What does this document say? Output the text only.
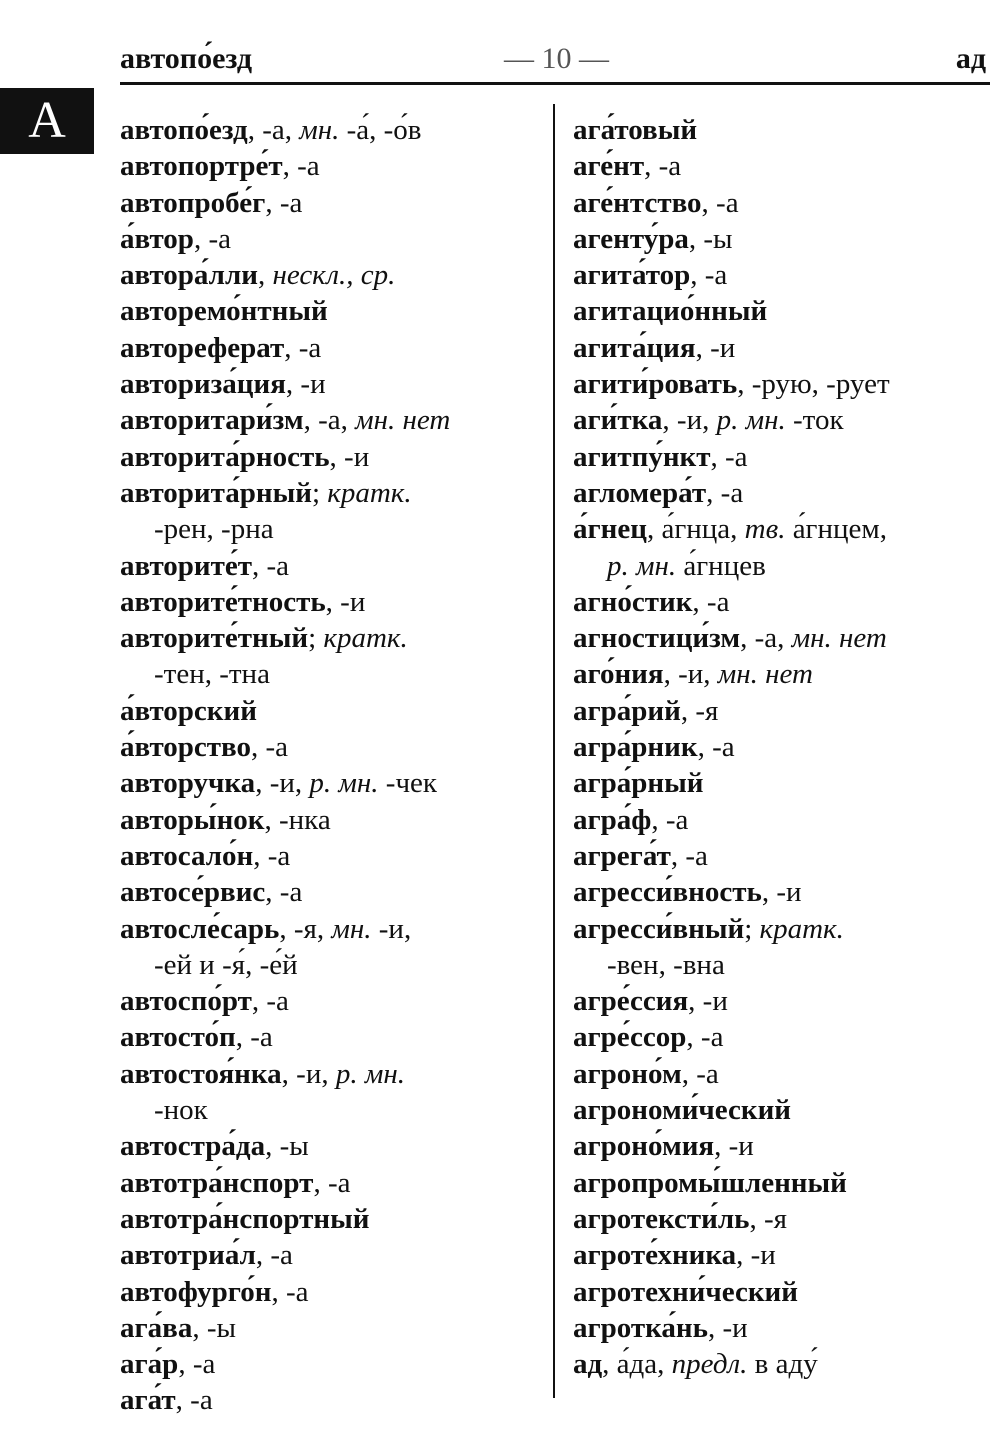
автопо́езд	— 10 —	ад
А	автопо́езд, -а, мн. -а́, -о́в
автопортре́т, -а
автопробе́г, -а
а́втор, -а
автора́лли, нескл., ср.
авторемо́нтный
автореферат, -а
авториза́ция, -и
авторитари́зм, -а, мн. нет
авторита́рность, -и
авторита́рный; кратк.
-рен, -рна
авторите́т, -а
авторите́тность, -и
авторите́тный; кратк.
-тен, -тна
а́вторский
а́вторство, -а
авторучка, -и, р. мн. -чек
авторы́нок, -нка
автосало́н, -а
автосе́рвис, -а
автосле́сарь, -я, мн. -и,
-ей и -я́, -е́й
автоспо́рт, -а
автосто́п, -а
автостоя́нка, -и, р. мн.
-нок
автостра́да, -ы
автотра́нспорт, -а
автотра́нспортный
автотриа́л, -а
автофурго́н, -а
ага́ва, -ы
ага́р, -а
ага́т, -а
ага́товый
аге́нт, -а
аге́нтство, -а
агенту́ра, -ы
агита́тор, -а
агитацио́нный
агита́ция, -и
агити́ровать, -рую, -рует
аги́тка, -и, р. мн. -ток
агитпу́нкт, -а
агломера́т, -а
а́гнец, а́гнца, тв. а́гнцем,
р. мн. а́гнцев
агно́стик, -а
агностици́зм, -а, мн. нет
аго́ния, -и, мн. нет
агра́рий, -я
агра́рник, -а
агра́рный
агра́ф, -а
агрега́т, -а
агресси́вность, -и
агресси́вный; кратк.
-вен, -вна
агре́ссия, -и
агре́ссор, -а
агроно́м, -а
агрономи́ческий
агроно́мия, -и
агропромы́шленный
агротексти́ль, -я
агроте́хника, -и
агротехни́ческий
агротка́нь, -и
ад, а́да, предл. в аду́
